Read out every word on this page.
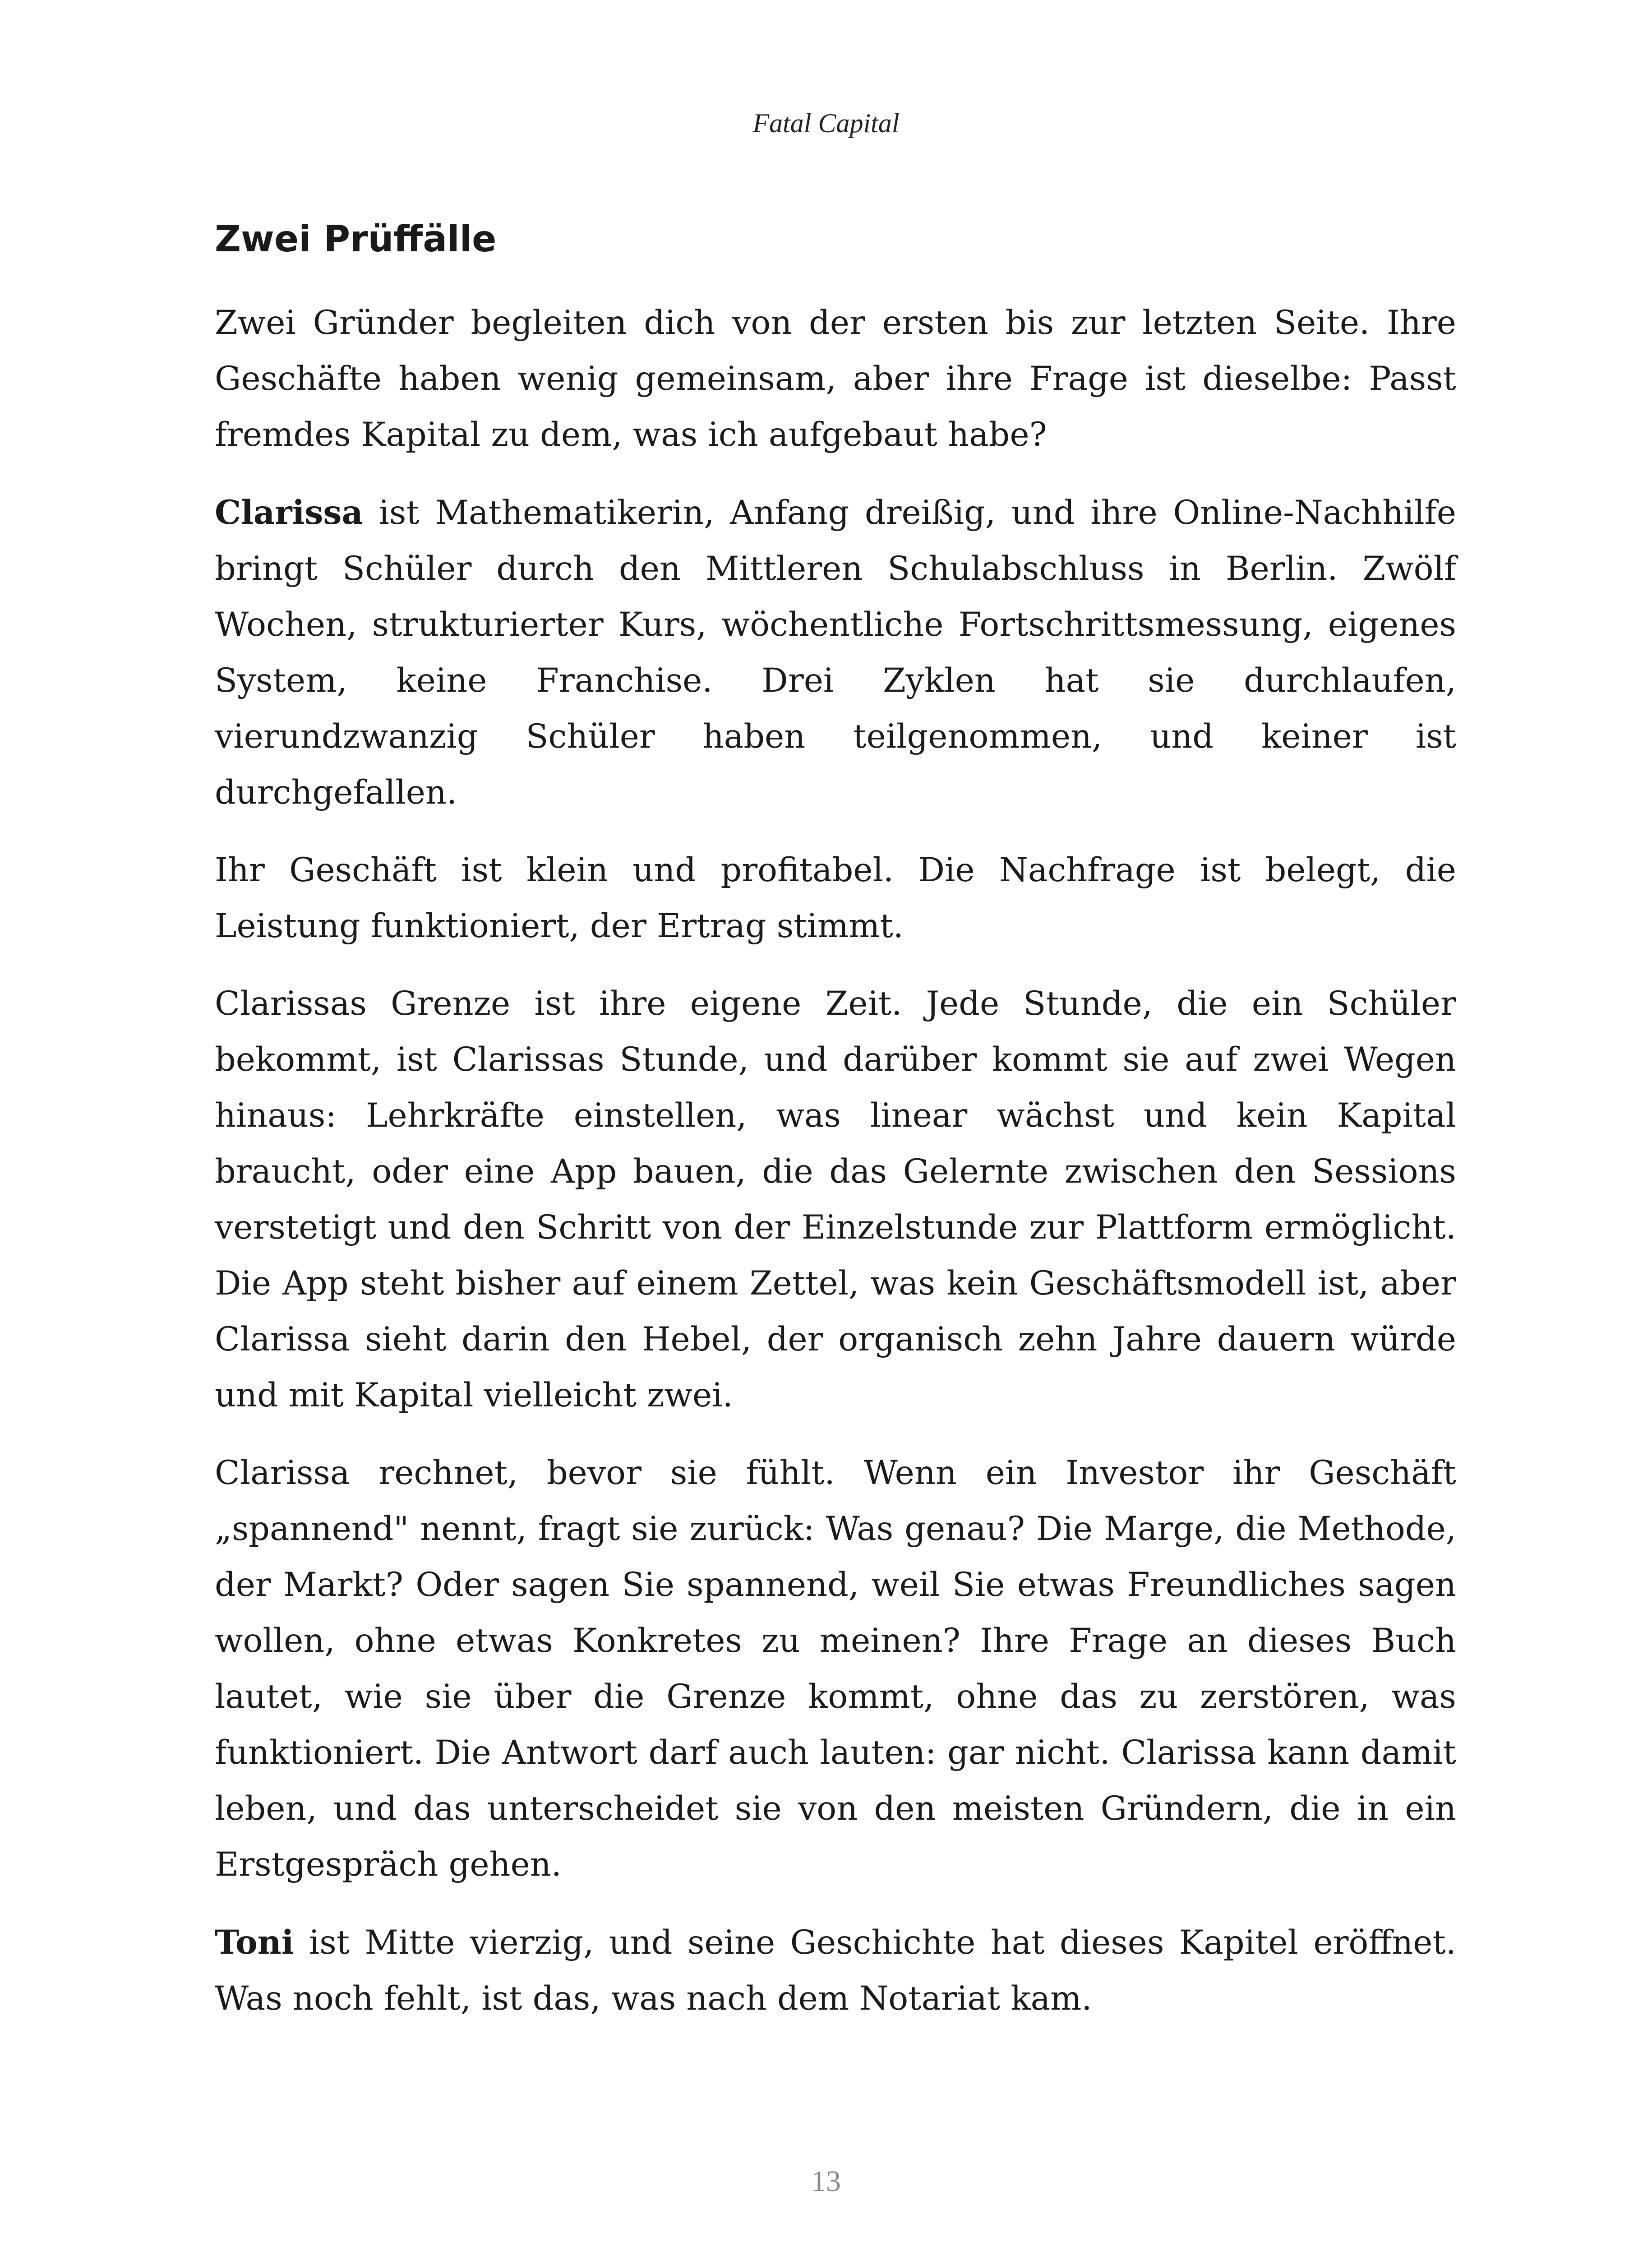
Fatal Capital
Zwei Prüffälle

Zwei Gründer begleiten dich von der ersten bis zur letzten Seite. Ihre Geschäfte haben wenig gemeinsam, aber ihre Frage ist dieselbe: Passt fremdes Kapital zu dem, was ich aufgebaut habe?

Clarissa ist Mathematikerin, Anfang dreißig, und ihre Online-Nachhilfe bringt Schüler durch den Mittleren Schulabschluss in Berlin. Zwölf Wochen, strukturierter Kurs, wöchentliche Fortschrittsmessung, eigenes System, keine Franchise. Drei Zyklen hat sie durchlaufen, vierundzwanzig Schüler haben teilgenommen, und keiner ist durchgefallen.

Ihr Geschäft ist klein und profitabel. Die Nachfrage ist belegt, die Leistung funktioniert, der Ertrag stimmt.

Clarissas Grenze ist ihre eigene Zeit. Jede Stunde, die ein Schüler bekommt, ist Clarissas Stunde, und darüber kommt sie auf zwei Wegen hinaus: Lehrkräfte einstellen, was linear wächst und kein Kapital braucht, oder eine App bauen, die das Gelernte zwischen den Sessions verstetigt und den Schritt von der Einzelstunde zur Plattform ermöglicht. Die App steht bisher auf einem Zettel, was kein Geschäftsmodell ist, aber Clarissa sieht darin den Hebel, der organisch zehn Jahre dauern würde und mit Kapital vielleicht zwei.

Clarissa rechnet, bevor sie fühlt. Wenn ein Investor ihr Geschäft „spannend" nennt, fragt sie zurück: Was genau? Die Marge, die Methode, der Markt? Oder sagen Sie spannend, weil Sie etwas Freundliches sagen wollen, ohne etwas Konkretes zu meinen? Ihre Frage an dieses Buch lautet, wie sie über die Grenze kommt, ohne das zu zerstören, was funktioniert. Die Antwort darf auch lauten: gar nicht. Clarissa kann damit leben, und das unterscheidet sie von den meisten Gründern, die in ein Erstgespräch gehen.

Toni ist Mitte vierzig, und seine Geschichte hat dieses Kapitel eröffnet. Was noch fehlt, ist das, was nach dem Notariat kam.

13
